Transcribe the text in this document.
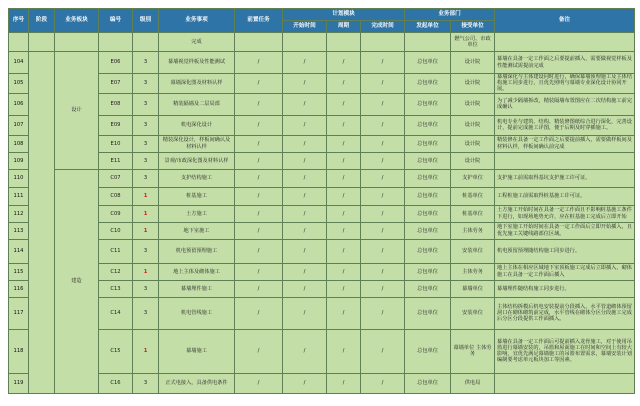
序号	阶段	业务板块	编号	级别	业务事项	前置任务	计划模块			业务部门		备注
							开始时间	周期	完成时间	发起单位	接受单位	
					完成						燃气公司、市政单位	
104		设计	E06	3	幕墙视觉样板及性能测试	/	/	/	/	总包单位	设计院	幕墙在具备一定工作面之后要提前插入，需要做视觉样板及性能测试需提前完成
105			E07	3	幕墙深化图及材料认样	/	/	/	/	总包单位	设计院	幕墙深化与主体建设同时进行，确保幕墙预埋施工及主体结构施工同步进行，且优先照明与幕墙专业深化设计协同开展。
106			E08	3	精装隔墙及二层局部	/	/	/	/	总包单位	设计院	为了减少隔墙拆改，精装隔墙布置图应在二次结构施工前完成确认
107			E09	3	机电深化设计	/	/	/	/	总包单位	设计院	机电专业与建筑、结构、精装修图纸综合进行深化，完善设计，提前完成施工详图，便于后期及时穿插施工。
108			E10	3	精装深化设计，样板间确认及材料认样	/	/	/	/	总包单位	设计院	精装修在具备一定工作面之后要提前插入，需要做样板间及材料认样，样板间确认前完成
109			E11	3	景观/市政深化图及材料认样	/	/	/	/	总包单位	设计院	
110		建造	C07	3	支护结构施工	/	/	/	/	总包单位	支护单位	支护施工前需取得基坑支护施工许可证。
111			C08	1	桩基施工	/	/	/	/	总包单位	桩基单位	工程桩施工前需取得桩基施工许可证。
112			C09	1	土方施工	/	/	/	/	总包单位	桩基单位	土方施工开始时间在具备一定工作面且不影响桩基施工条件下进行，如现场地势允许，应在桩基施工完成后立即开始
113			C10	1	地下室施工	/	/	/	/	总包单位	主体劳务	地下室施工开始时间在具备一定工作面后立即开始插入，且优先施工关键线路部位区域。
114			C11	3	机电预留预埋施工	/	/	/	/	总包单位	安装单位	机电预留预埋随结构施工同步进行。
115			C12	1	地上主体及砌体施工	/	/	/	/	总包单位	主体劳务	地上主体在相应区域地下室顶板施工完成后立即插入，砌体施工在具备一定工作面后插入
116			C13	3	幕墙埋件施工	/	/	/	/	总包单位	幕墙单位	幕墙埋件随结构施工同步进行。
117			C14	3	机电管线施工	/	/	/	/	总包单位	安装单位	主体结构拆模后机电安装提前分段插入，水平管道砌体预留洞口在砌体砌筑前完成，水平管线在砌体分区分段施工完成后分区分段提供工作面插入。
118			C15	1	幕墙施工	/	/	/	/	总包单位	幕墙单位 主体劳务	幕墙在具备一定工作面后可提前插入龙骨施工，对于使用吊篮进行幕墙安装的，吊篮和屋面施工在时间和空间上有较大影响，宜优先满足幕墙施工的吊篮布置需求，幕墙安装计划编制要考虑单元板块加工等因素。
119			C16	3	正式电接入，具备供电条件	/	/	/	/	总包单位	供电局	
